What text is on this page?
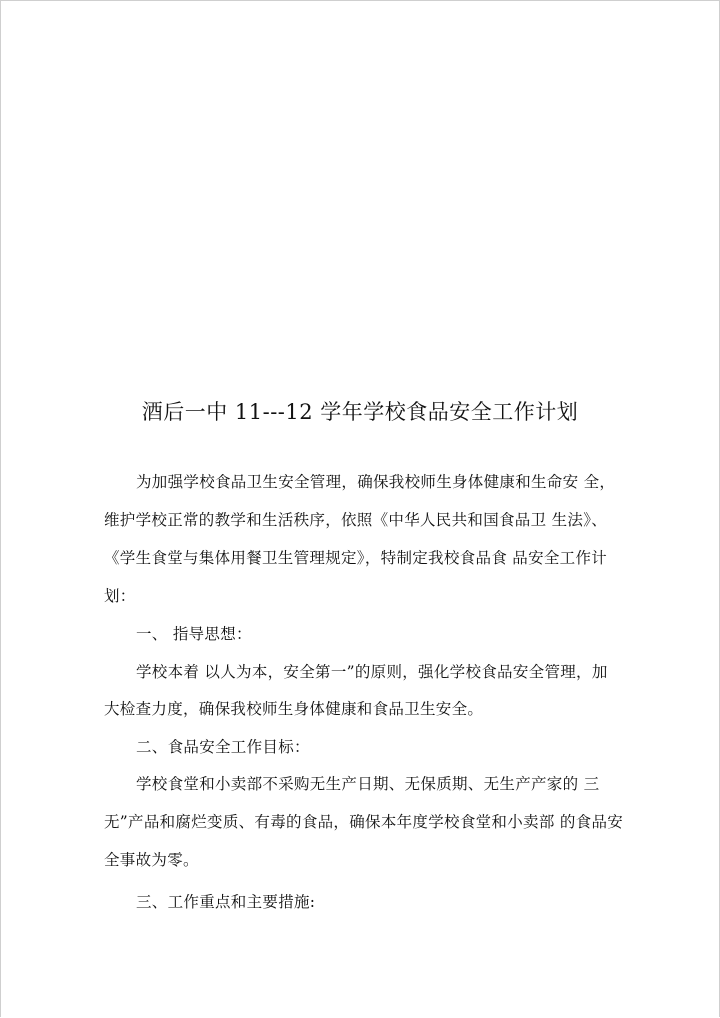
酒后一中 11---12 学年学校食品安全工作计划
为加强学校食品卫生安全管理，确保我校师生身体健康和生命安 全，
维护学校正常的教学和生活秩序，依照《中华人民共和国食品卫 生法》、
《学生食堂与集体用餐卫生管理规定》，特制定我校食品食 品安全工作计
划：
一、 指导思想：
学校本着 以人为本，安全第一”的原则，强化学校食品安全管理，加
大检查力度，确保我校师生身体健康和食品卫生安全。
二、食品安全工作目标：
学校食堂和小卖部不采购无生产日期、无保质期、无生产产家的 三
无”产品和腐烂变质、有毒的食品，确保本年度学校食堂和小卖部 的食品安
全事故为零。
三、工作重点和主要措施:
